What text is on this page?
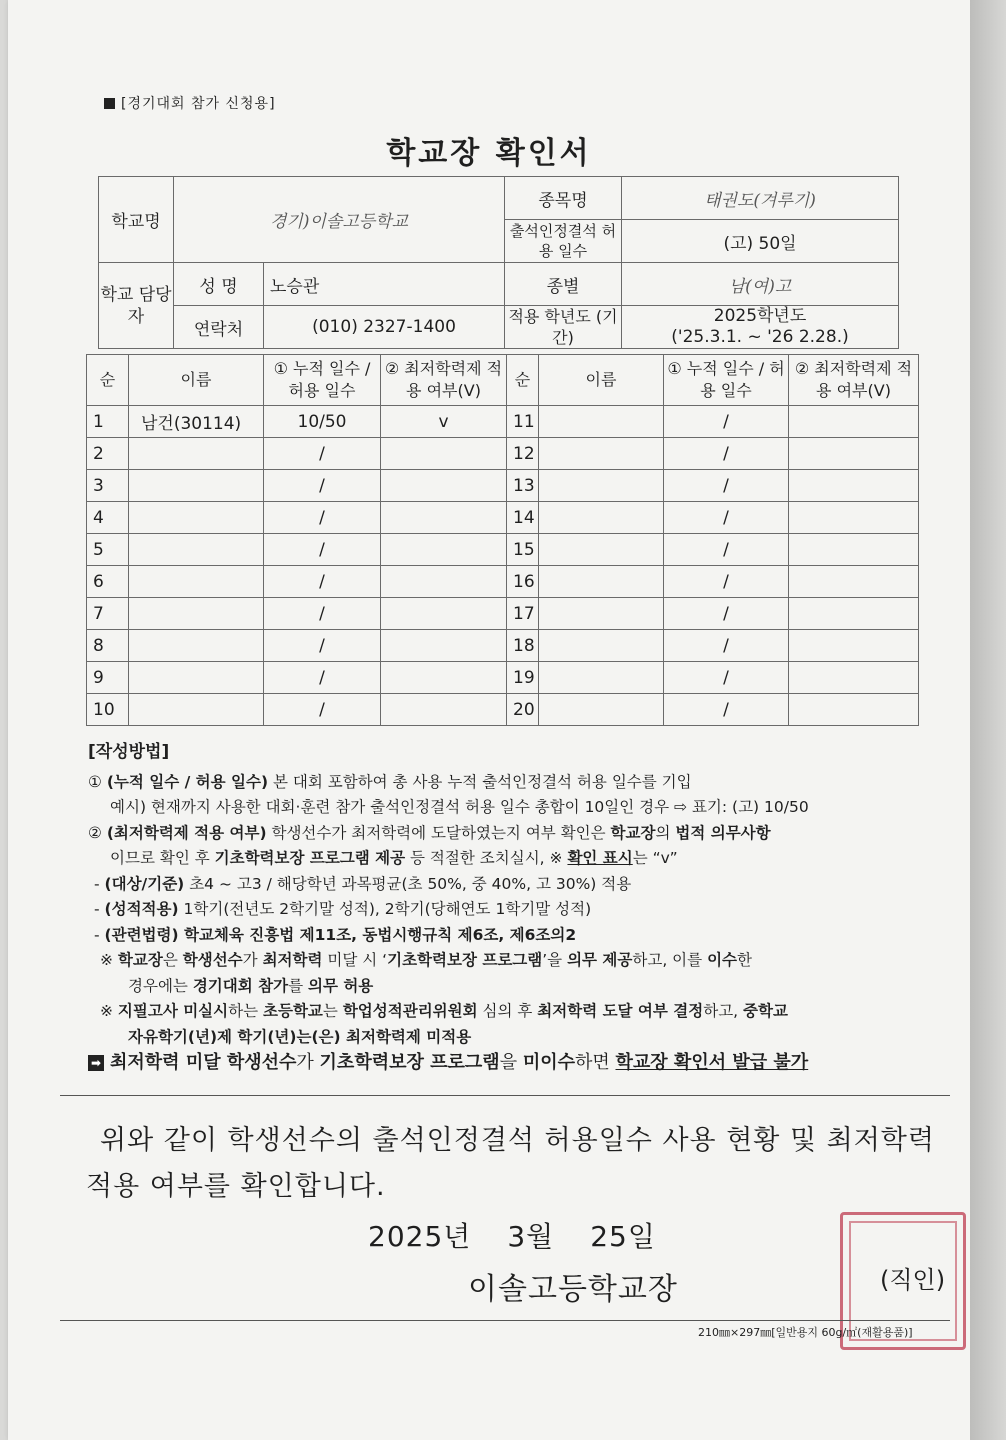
[경기대회 참가 신청용]
학교장 확인서
학교명	경기)이솔고등학교		종목명	태권도(겨루기)
			출석인정결석 허용 일수	(고) 50일
학교 담당자	성 명	노승관	종별	남(여)고
	연락처	(010) 2327-1400	적용 학년도 (기간)	2025학년도
('25.3.1. ~ '26 2.28.)
순	이름	① 누적 일수 / 허용 일수	② 최저학력제 적용 여부(V)	순	이름	① 누적 일수 / 허용 일수	② 최저학력제 적용 여부(V)
1	남건(30114)	10/50	v	11		/	
2		/		12		/	
3		/		13		/	
4		/		14		/	
5		/		15		/	
6		/		16		/	
7		/		17		/	
8		/		18		/	
9		/		19		/	
10		/		20		/	

[작성방법]

① (누적 일수 / 허용 일수) 본 대회 포함하여 총 사용 누적 출석인정결석 허용 일수를 기입

예시) 현재까지 사용한 대회·훈련 참가 출석인정결석 허용 일수 총합이 10일인 경우 ⇨ 표기: (고) 10/50

② (최저학력제 적용 여부) 학생선수가 최저학력에 도달하였는지 여부 확인은 학교장의 법적 의무사항

이므로 확인 후 기초학력보장 프로그램 제공 등 적절한 조치실시, ※ 확인 표시는 “v”

- (대상/기준) 초4 ~ 고3 / 해당학년 과목평균(초 50%, 중 40%, 고 30%) 적용

- (성적적용) 1학기(전년도 2학기말 성적), 2학기(당해연도 1학기말 성적)

- (관련법령) 학교체육 진흥법 제11조, 동법시행규칙 제6조, 제6조의2

※ 학교장은 학생선수가 최저학력 미달 시 ‘기초학력보장 프로그램’을 의무 제공하고, 이를 이수한

경우에는 경기대회 참가를 의무 허용

※ 지필고사 미실시하는 초등학교는 학업성적관리위원회 심의 후 최저학력 도달 여부 결정하고, 중학교

자유학기(년)제 학기(년)는(은) 최저학력제 미적용

➡ 최저학력 미달 학생선수가 기초학력보장 프로그램을 미이수하면 학교장 확인서 발급 불가

위와 같이 학생선수의 출석인정결석 허용일수 사용 현황 및 최저학력
적용 여부를 확인합니다.
2025년 3월 25일
이솔고등학교장	(직인)
210㎜×297㎜[일반용지 60g/㎡(재활용품)]
